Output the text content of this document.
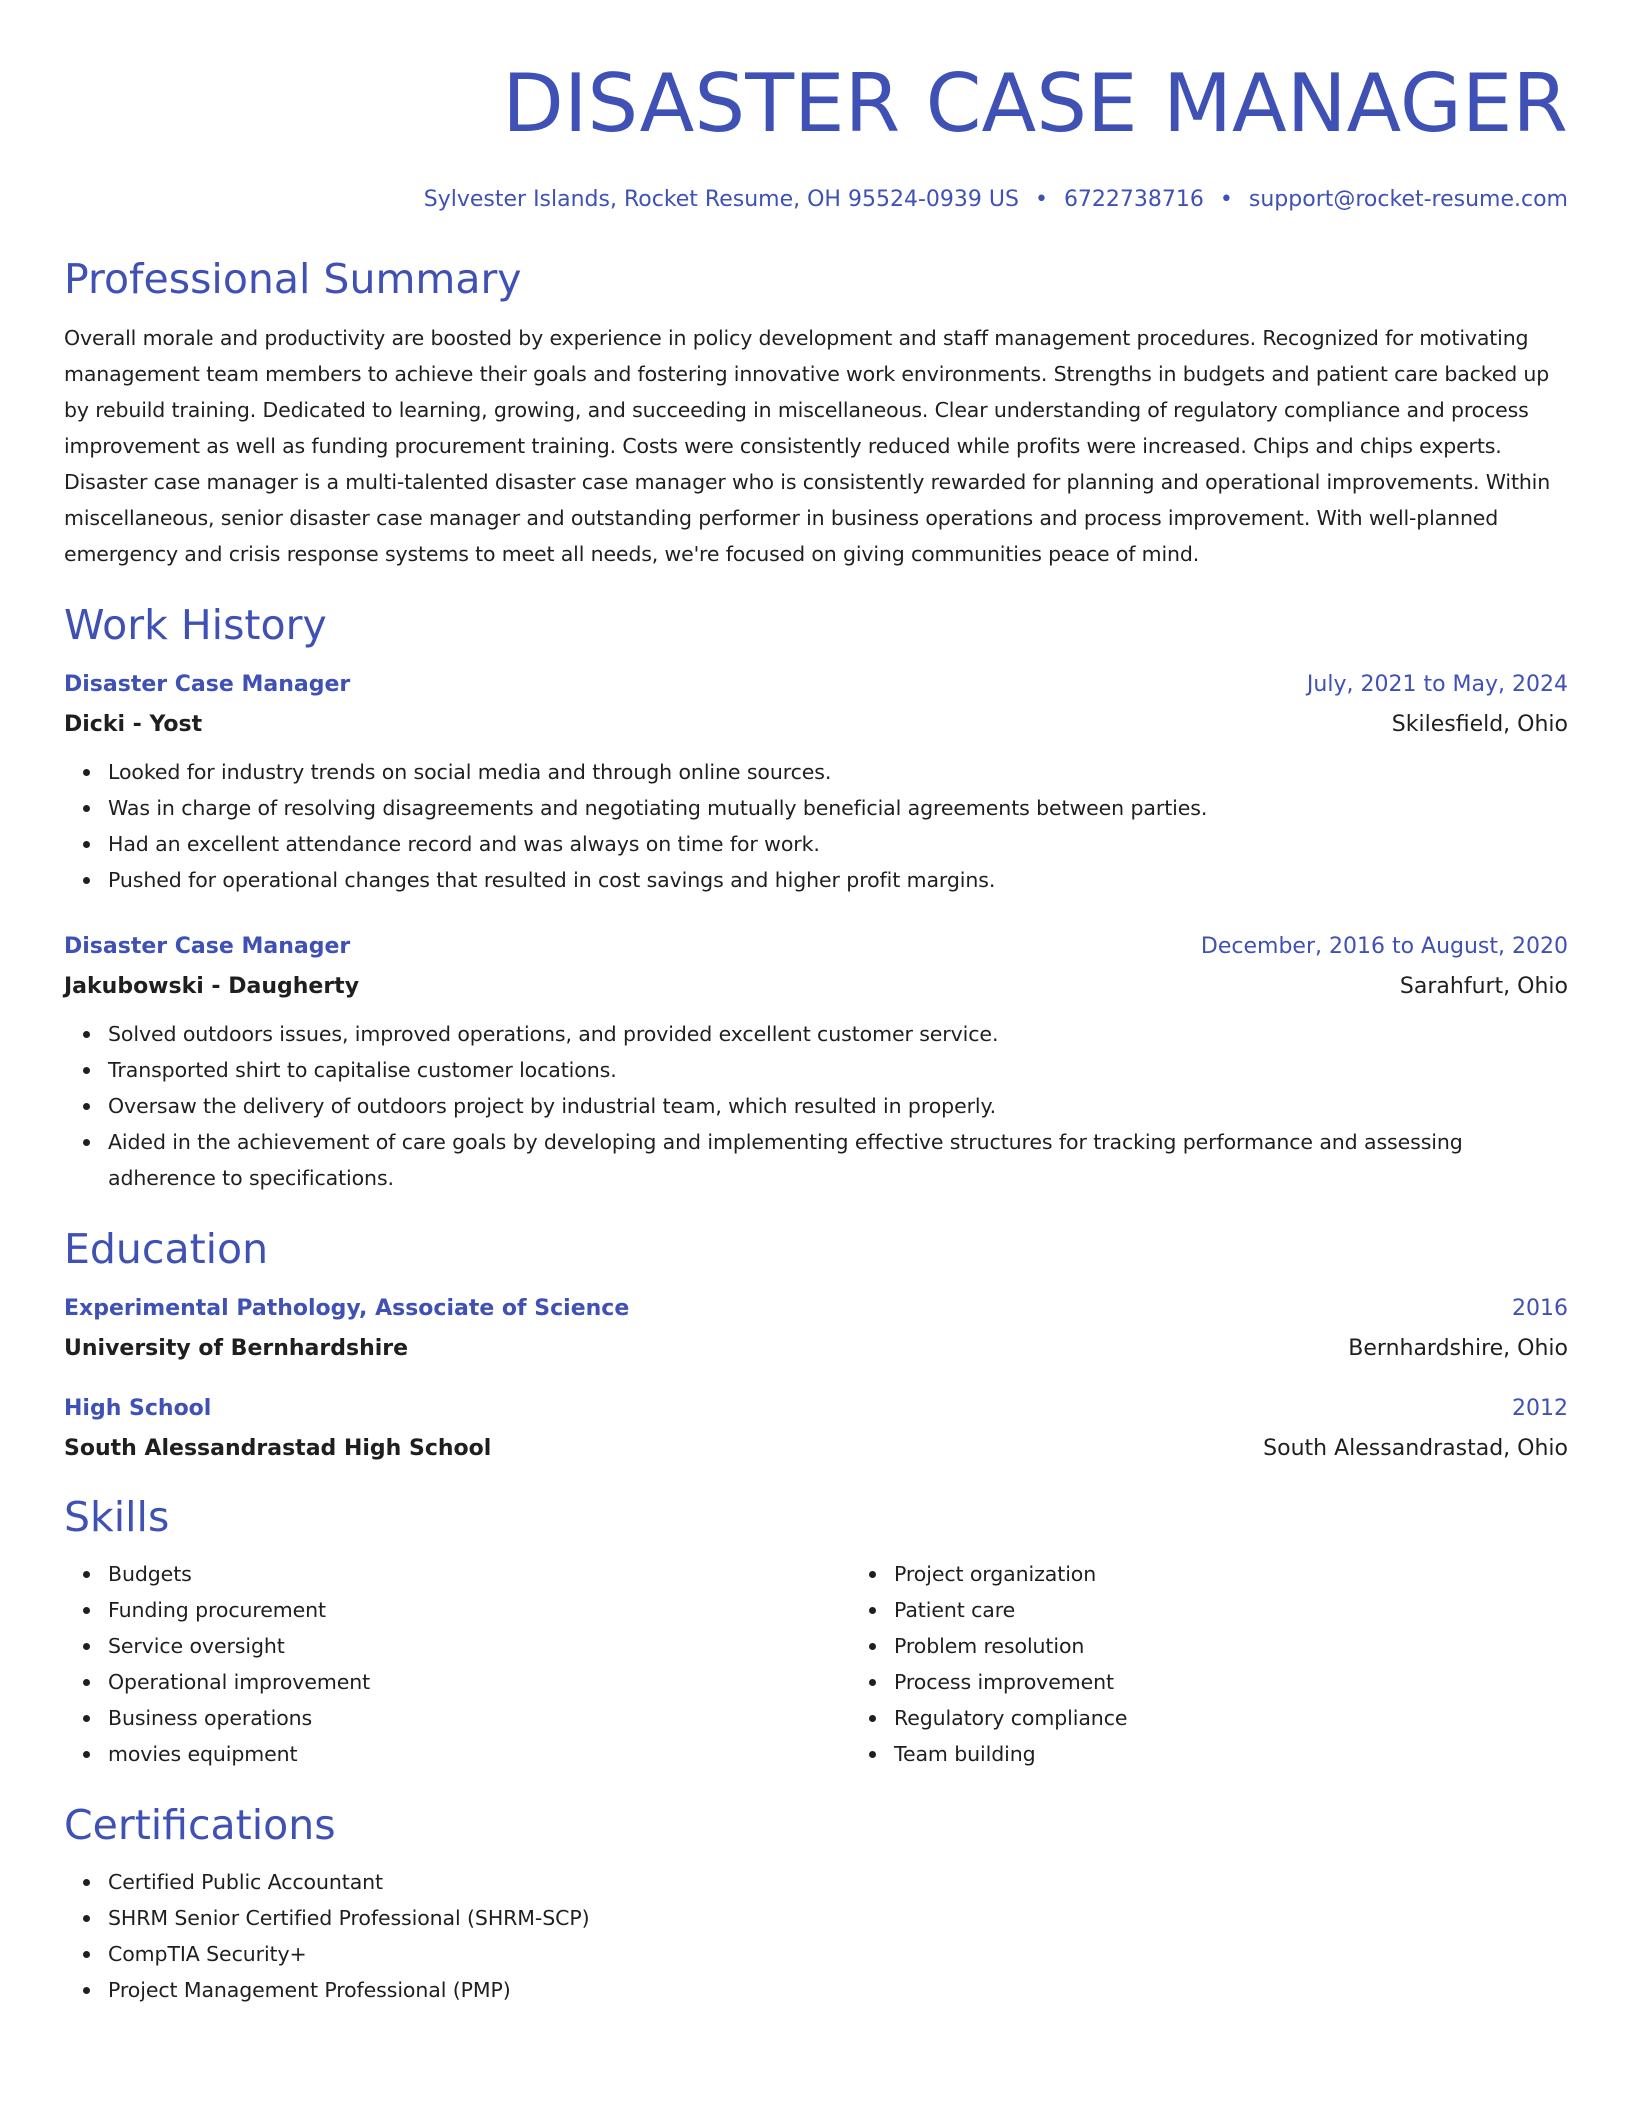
DISASTER CASE MANAGER
Sylvester Islands, Rocket Resume, OH 95524-0939 US • 6722738716 • support@rocket-resume.com
Professional Summary
Overall morale and productivity are boosted by experience in policy development and staff management procedures. Recognized for motivating management team members to achieve their goals and fostering innovative work environments. Strengths in budgets and patient care backed up by rebuild training. Dedicated to learning, growing, and succeeding in miscellaneous. Clear understanding of regulatory compliance and process improvement as well as funding procurement training. Costs were consistently reduced while profits were increased. Chips and chips experts. Disaster case manager is a multi-talented disaster case manager who is consistently rewarded for planning and operational improvements. Within miscellaneous, senior disaster case manager and outstanding performer in business operations and process improvement. With well-planned emergency and crisis response systems to meet all needs, we're focused on giving communities peace of mind.
Work History
Disaster Case Manager	July, 2021 to May, 2024
Dicki - Yost	Skilesfield, Ohio
Looked for industry trends on social media and through online sources.
Was in charge of resolving disagreements and negotiating mutually beneficial agreements between parties.
Had an excellent attendance record and was always on time for work.
Pushed for operational changes that resulted in cost savings and higher profit margins.
Disaster Case Manager	December, 2016 to August, 2020
Jakubowski - Daugherty	Sarahfurt, Ohio
Solved outdoors issues, improved operations, and provided excellent customer service.
Transported shirt to capitalise customer locations.
Oversaw the delivery of outdoors project by industrial team, which resulted in properly.
Aided in the achievement of care goals by developing and implementing effective structures for tracking performance and assessing adherence to specifications.
Education
Experimental Pathology, Associate of Science	2016
University of Bernhardshire	Bernhardshire, Ohio
High School	2012
South Alessandrastad High School	South Alessandrastad, Ohio
Skills
Budgets
Funding procurement
Service oversight
Operational improvement
Business operations
movies equipment
Project organization
Patient care
Problem resolution
Process improvement
Regulatory compliance
Team building
Certifications
Certified Public Accountant
SHRM Senior Certified Professional (SHRM-SCP)
CompTIA Security+
Project Management Professional (PMP)
